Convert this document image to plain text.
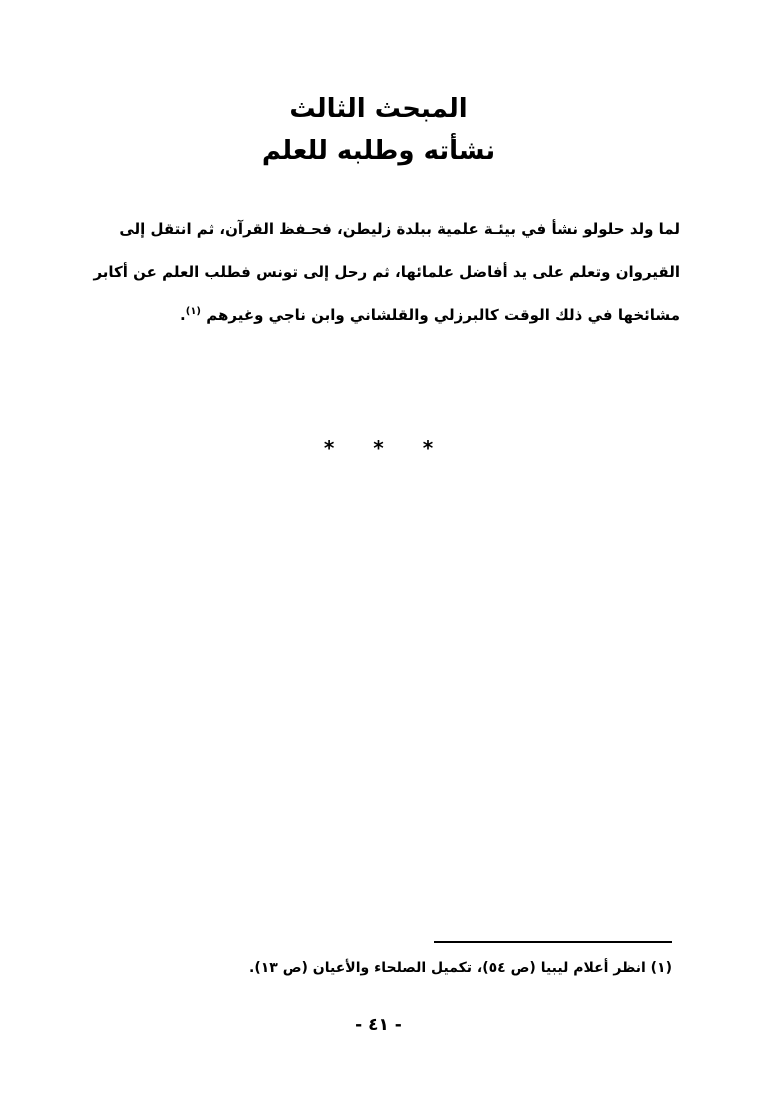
المبحث الثالث
نشأته وطلبه للعلم
لما ولد حلولو نشأ في بيئـة علمية ببلدة زليطن، فحـفظ القرآن، ثم انتقل إلى
القيروان وتعلم على يد أفاضل علمائها، ثم رحل إلى تونس فطلب العلم عن أكابر
مشائخها في ذلك الوقت كالبرزلي والقلشاني وابن ناجي وغيرهم $^{(١)}$.
* * *
(١) انظر أعلام ليبيا (ص ٥٤)، تكميل الصلحاء والأعيان (ص ١٣).
- ٤١ -
